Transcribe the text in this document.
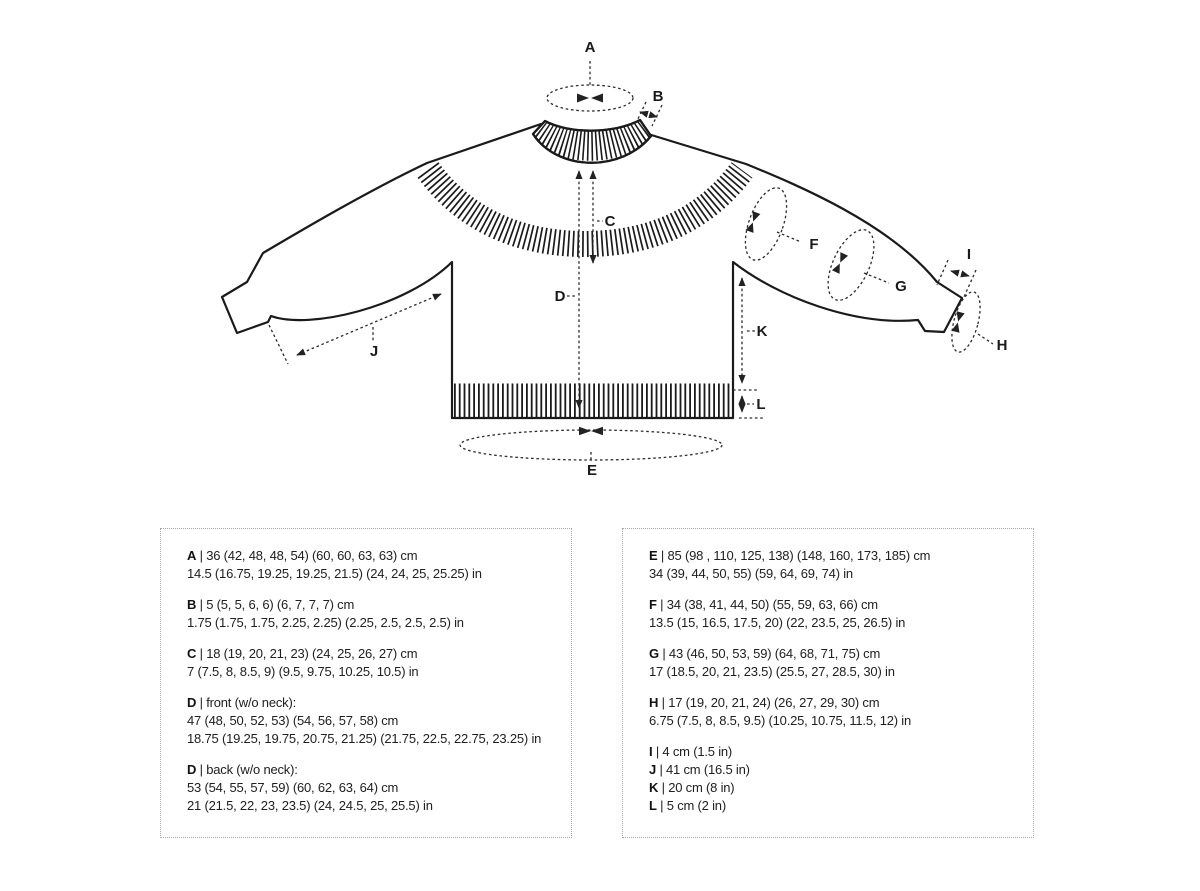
A
B
C
D
K
L
E
F
G
H
I
J
A | 36 (42, 48, 48, 54) (60, 60, 63, 63) cm
14.5 (16.75, 19.25, 19.25, 21.5) (24, 24, 25, 25.25) in
B | 5 (5, 5, 6, 6) (6, 7, 7, 7) cm
1.75 (1.75, 1.75, 2.25, 2.25) (2.25, 2.5, 2.5, 2.5) in
C | 18 (19, 20, 21, 23) (24, 25, 26, 27) cm
7 (7.5, 8, 8.5, 9) (9.5, 9.75, 10.25, 10.5) in
D | front (w/o neck):
47 (48, 50, 52, 53) (54, 56, 57, 58) cm
18.75 (19.25, 19.75, 20.75, 21.25) (21.75, 22.5, 22.75, 23.25) in
D | back (w/o neck):
53 (54, 55, 57, 59) (60, 62, 63, 64) cm
21 (21.5, 22, 23, 23.5) (24, 24.5, 25, 25.5) in
E | 85 (98 , 110, 125, 138) (148, 160, 173, 185) cm
34 (39, 44, 50, 55) (59, 64, 69, 74) in
F | 34 (38, 41, 44, 50) (55, 59, 63, 66) cm
13.5 (15, 16.5, 17.5, 20) (22, 23.5, 25, 26.5) in
G | 43 (46, 50, 53, 59) (64, 68, 71, 75) cm
17 (18.5, 20, 21, 23.5) (25.5, 27, 28.5, 30) in
H | 17 (19, 20, 21, 24) (26, 27, 29, 30) cm
6.75 (7.5, 8, 8.5, 9.5) (10.25, 10.75, 11.5, 12) in
I | 4 cm (1.5 in)
J | 41 cm (16.5 in)
K | 20 cm (8 in)
L | 5 cm (2 in)
